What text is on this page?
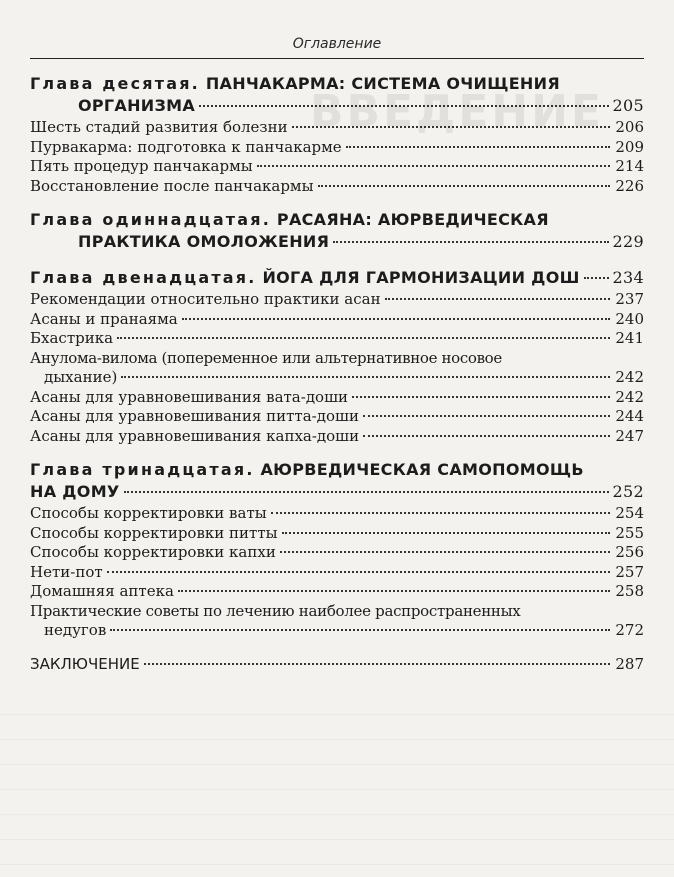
ВВЕДЕНИЕ
Оглавление
Глава десятая. ПАНЧАКАРМА: СИСТЕМА ОЧИЩЕНИЯ
ОРГАНИЗМА	205
Шесть стадий развития болезни	206
Пурвакарма: подготовка к панчакарме	209
Пять процедур панчакармы	214
Восстановление после панчакармы	226
Глава одиннадцатая. РАСАЯНА: АЮРВЕДИЧЕСКАЯ
ПРАКТИКА ОМОЛОЖЕНИЯ	229
Глава двенадцатая. ЙОГА ДЛЯ ГАРМОНИЗАЦИИ ДОШ 234
Рекомендации относительно практики асан	237
Асаны и пранаяма	240
Бхастрика	241
Анулома-вилома (попеременное или альтернативное носовое
дыхание)	242
Асаны для уравновешивания вата-доши	242
Асаны для уравновешивания питта-доши	244
Асаны для уравновешивания капха-доши	247
Глава тринадцатая. АЮРВЕДИЧЕСКАЯ САМОПОМОЩЬ
НА ДОМУ	252
Способы корректировки ваты	254
Способы корректировки питты	255
Способы корректировки капхи	256
Нети-пот	257
Домашняя аптека	258
Практические советы по лечению наиболее распространенных
недугов	272
ЗАКЛЮЧЕНИЕ	287
